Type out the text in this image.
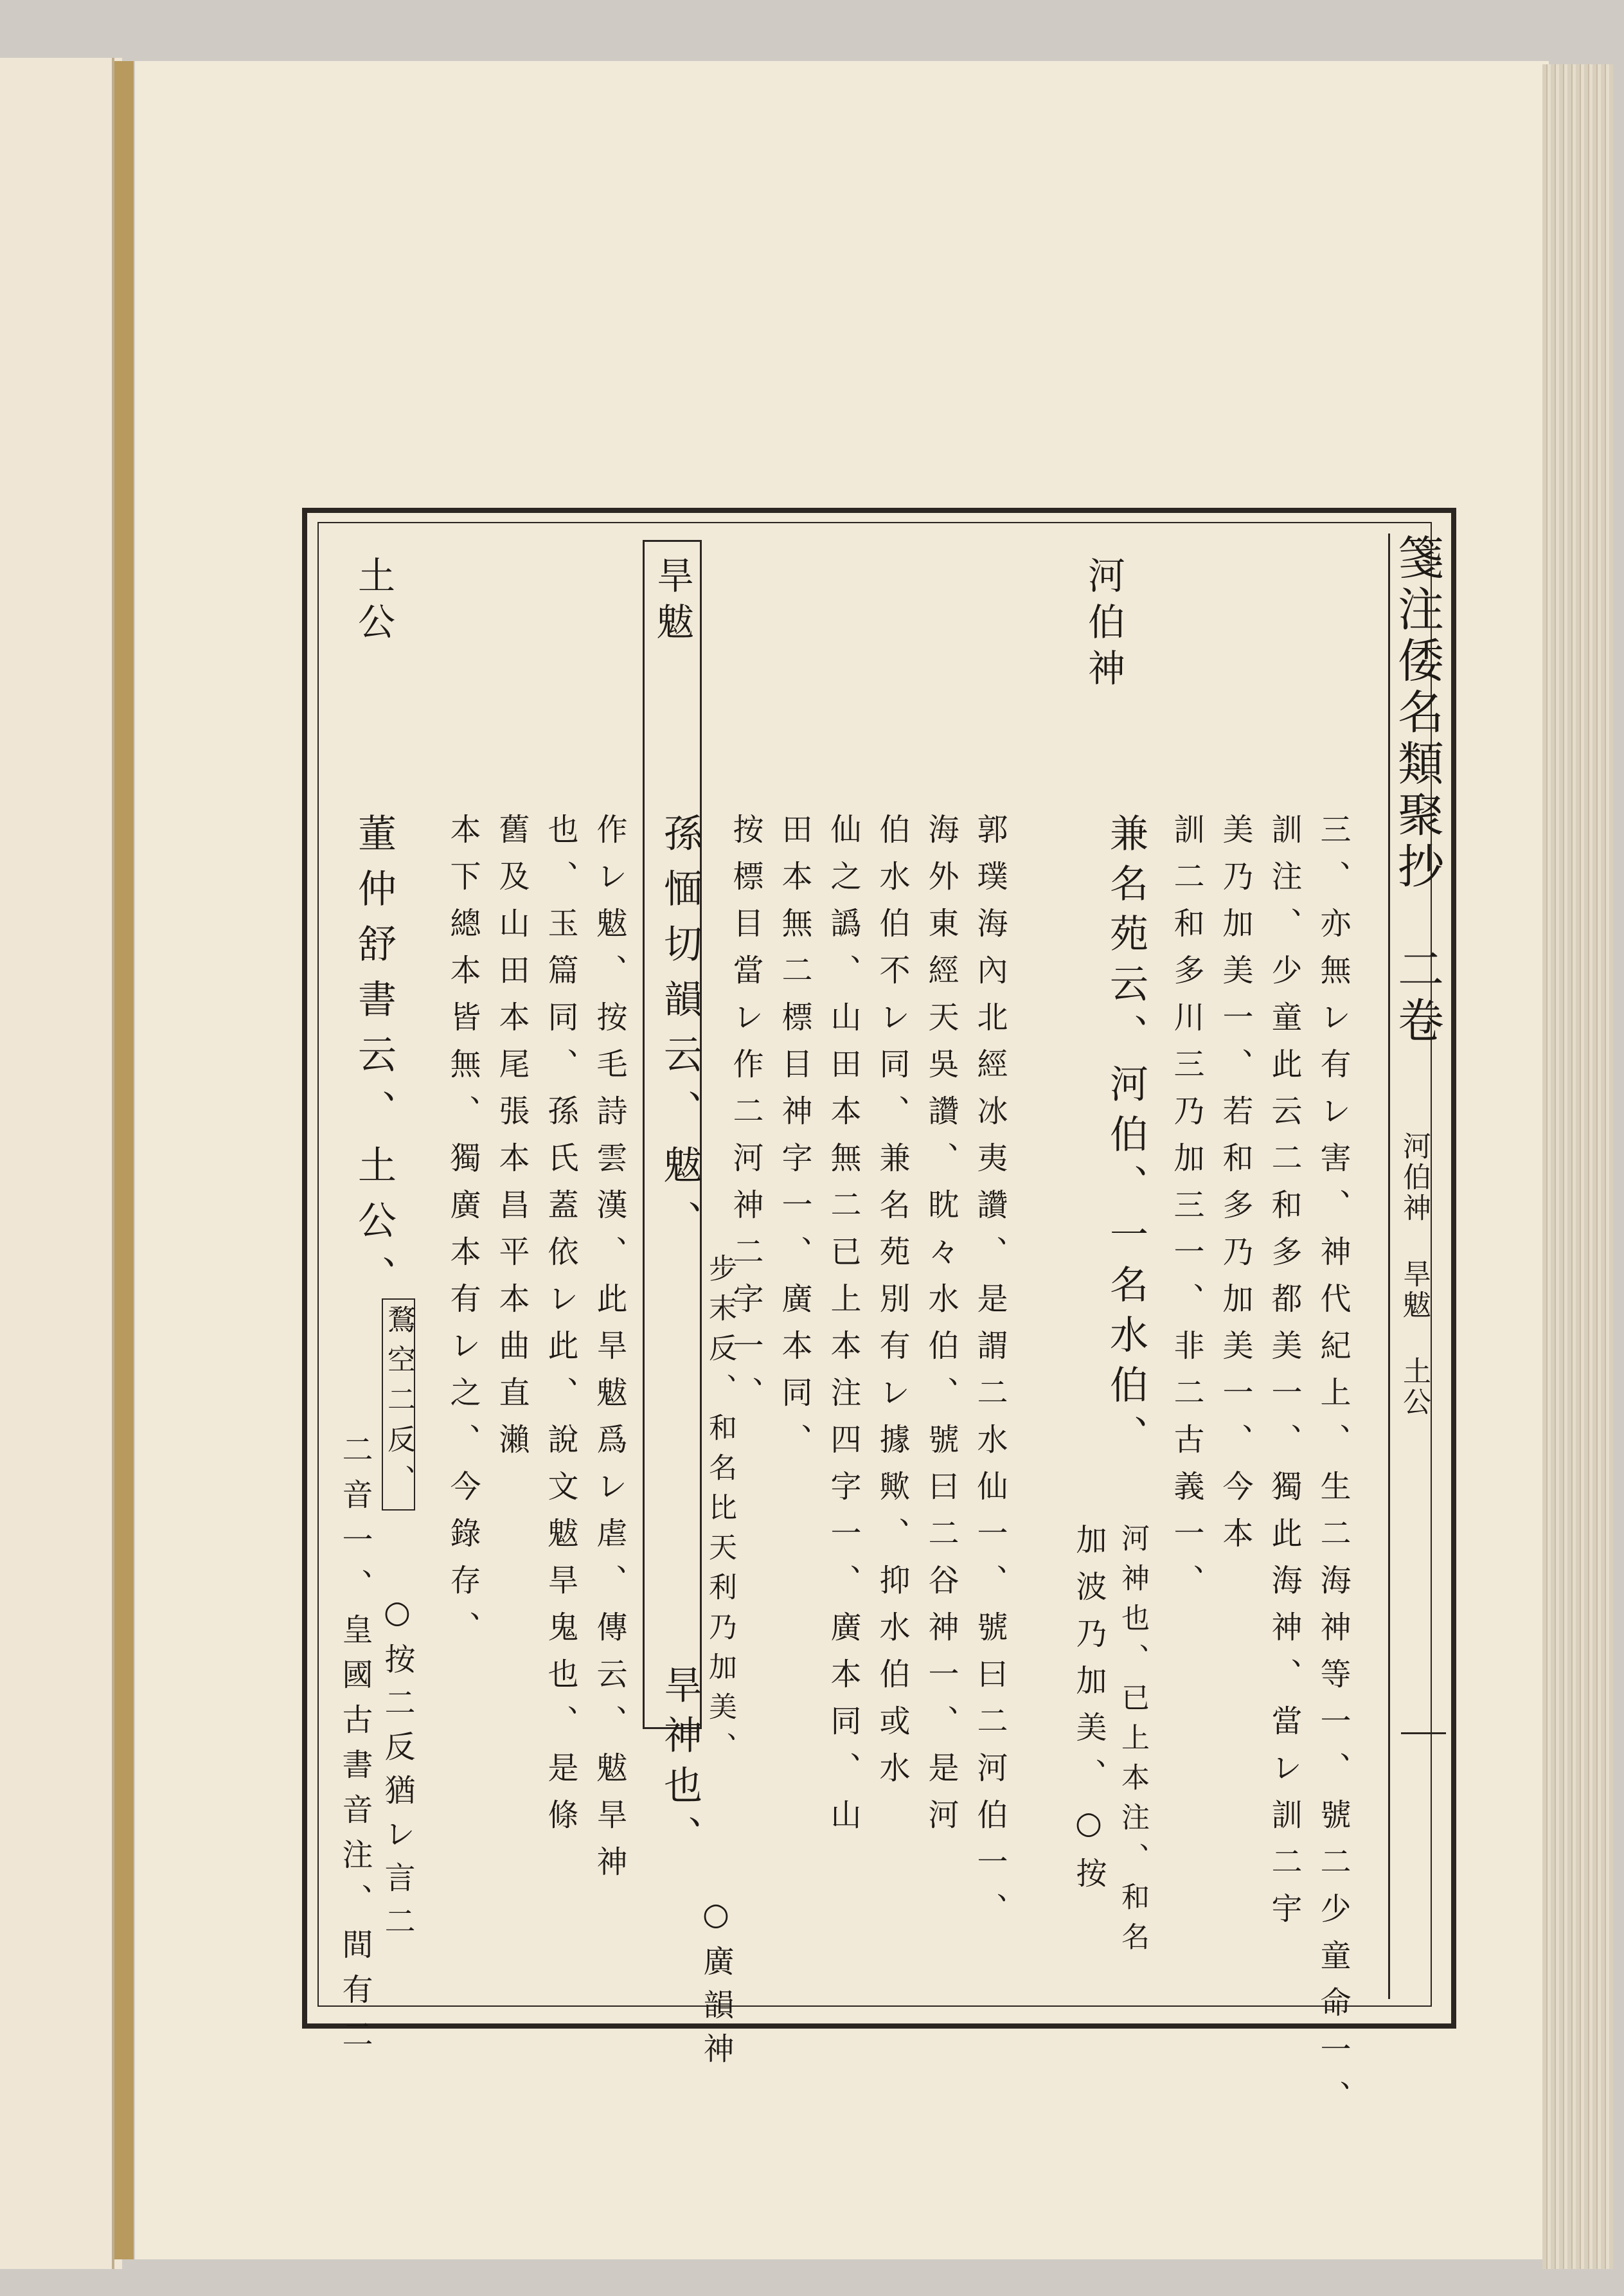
箋注倭名類聚抄
二卷
河伯神 旱魃 土公
河伯神
三、亦無レ有レ害、神代紀上、生二海神等一、號二少童命一、
訓注、少童此云二和多都美一、獨此海神、當レ訓二宇
美乃加美一、若和多乃加美一、今本
訓二和多川三乃加三一、非二古義一、
兼名苑云、河伯、一名水伯、
河神也、已上本注、和名
加波乃加美、○按
郭璞海內北經冰夷讚、是謂二水仙一、號曰二河伯一、
海外東經天吳讚、眈々水伯、號曰二谷神一、是河
伯水伯不レ同、兼名苑別有レ據歟、抑水伯或水
仙之譌、山田本無二已上本注四字一、廣本同、山
田本無二標目神字一、廣本同、
按標目當レ作二河神二字一、
旱魃
孫愐切韻云、魃、
步末反、和名比天利乃加美、
旱神也、
○廣韻神
作レ魃、按毛詩雲漢、此旱魃爲レ虐、傳云、魃旱神
也、玉篇同、孫氏蓋依レ此、說文魃旱鬼也、是條
舊及山田本尾張本昌平本曲直瀨
本下總本皆無、獨廣本有レ之、今錄存、
土公
董仲舒書云、土公、
鶩空二反、
○按二反猶レ言二
二音一、皇國古書音注、間有二
